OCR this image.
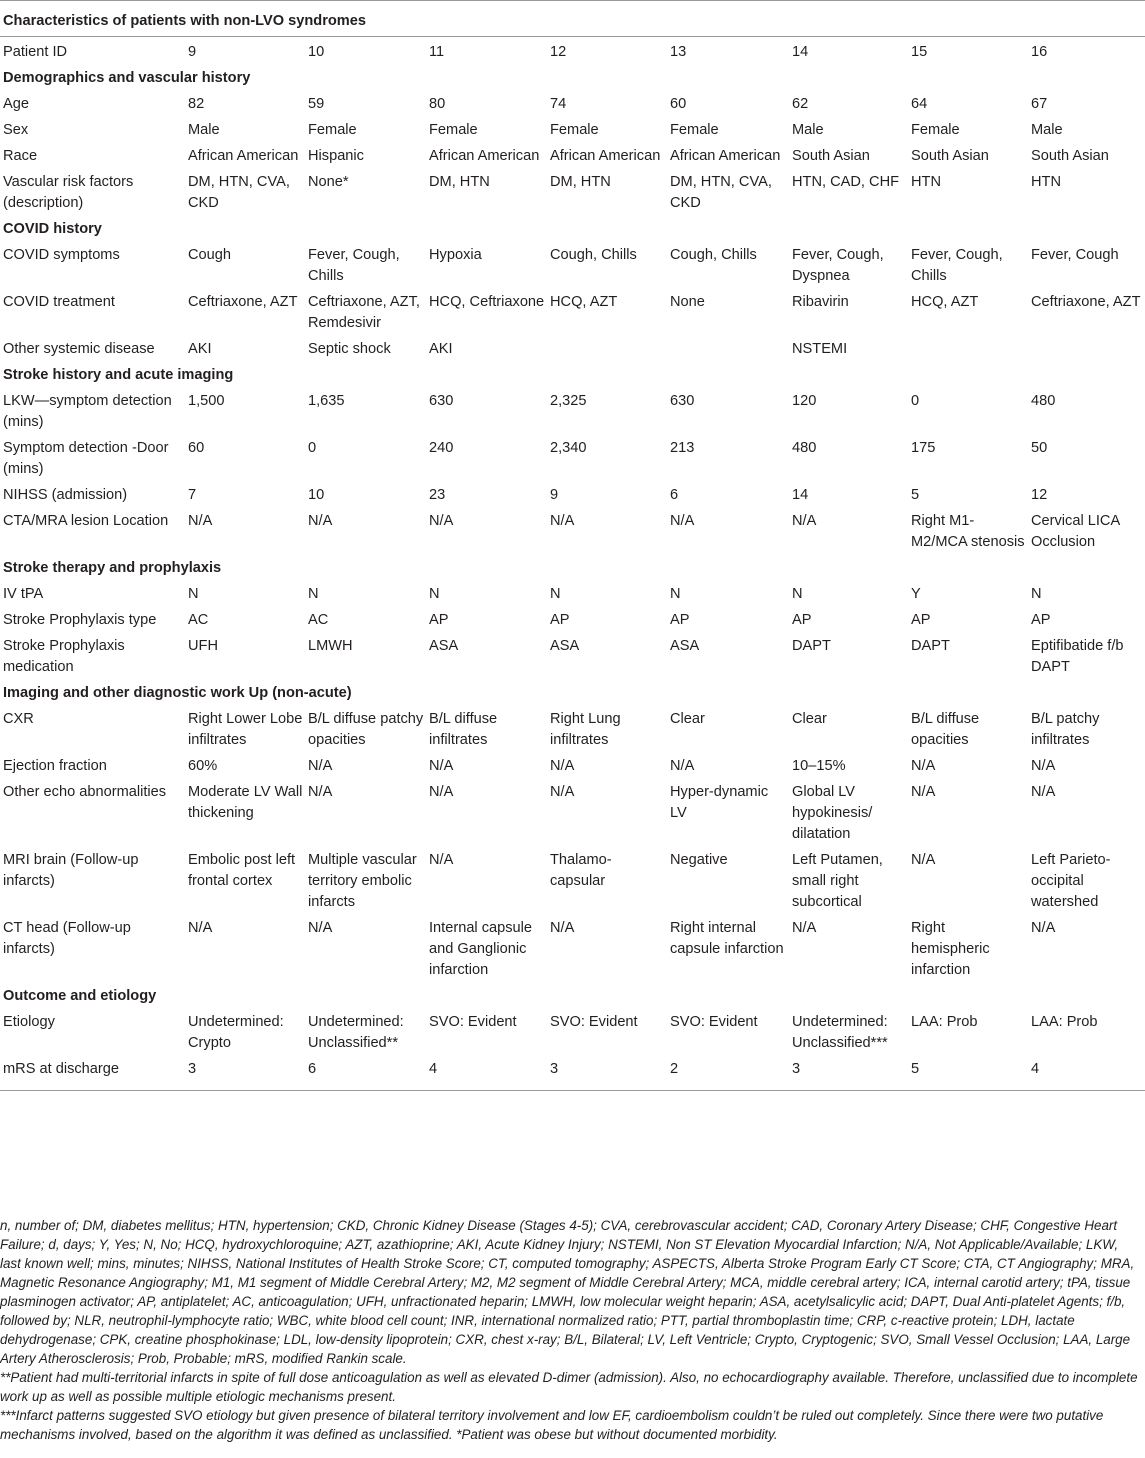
Characteristics of patients with non-LVO syndromes								
Patient ID	9	10	11	12	13	14	15	16
Demographics and vascular history								
Age	82	59	80	74	60	62	64	67
Sex	Male	Female	Female	Female	Female	Male	Female	Male
Race	African American	Hispanic	African American	African American	African American	South Asian	South Asian	South Asian
Vascular risk factors (description)	DM, HTN, CVA, CKD	None*	DM, HTN	DM, HTN	DM, HTN, CVA, CKD	HTN, CAD, CHF	HTN	HTN
COVID history								
COVID symptoms	Cough	Fever, Cough, Chills	Hypoxia	Cough, Chills	Cough, Chills	Fever, Cough, Dyspnea	Fever, Cough, Chills	Fever, Cough
COVID treatment	Ceftriaxone, AZT	Ceftriaxone, AZT, Remdesivir	HCQ, Ceftriaxone	HCQ, AZT	None	Ribavirin	HCQ, AZT	Ceftriaxone, AZT
Other systemic disease	AKI	Septic shock	AKI			NSTEMI		
Stroke history and acute imaging								
LKW—symptom detection (mins)	1,500	1,635	630	2,325	630	120	0	480
Symptom detection -Door (mins)	60	0	240	2,340	213	480	175	50
NIHSS (admission)	7	10	23	9	6	14	5	12
CTA/MRA lesion Location	N/A	N/A	N/A	N/A	N/A	N/A	Right M1-M2/MCA stenosis	Cervical LICA Occlusion
Stroke therapy and prophylaxis								
IV tPA	N	N	N	N	N	N	Y	N
Stroke Prophylaxis type	AC	AC	AP	AP	AP	AP	AP	AP
Stroke Prophylaxis medication	UFH	LMWH	ASA	ASA	ASA	DAPT	DAPT	Eptifibatide f/b DAPT
Imaging and other diagnostic work Up (non-acute)								
CXR	Right Lower Lobe infiltrates	B/L diffuse patchy opacities	B/L diffuse infiltrates	Right Lung infiltrates	Clear	Clear	B/L diffuse opacities	B/L patchy infiltrates
Ejection fraction	60%	N/A	N/A	N/A	N/A	10–15%	N/A	N/A
Other echo abnormalities	Moderate LV Wall thickening	N/A	N/A	N/A	Hyper-dynamic LV	Global LV hypokinesis/ dilatation	N/A	N/A
MRI brain (Follow-up infarcts)	Embolic post left frontal cortex	Multiple vascular territory embolic infarcts	N/A	Thalamo-capsular	Negative	Left Putamen, small right subcortical	N/A	Left Parieto-occipital watershed
CT head (Follow-up infarcts)	N/A	N/A	Internal capsule and Ganglionic infarction	N/A	Right internal capsule infarction	N/A	Right hemispheric infarction	N/A
Outcome and etiology								
Etiology	Undetermined: Crypto	Undetermined: Unclassified**	SVO: Evident	SVO: Evident	SVO: Evident	Undetermined: Unclassified***	LAA: Prob	LAA: Prob
mRS at discharge	3	6	4	3	2	3	5	4

n, number of; DM, diabetes mellitus; HTN, hypertension; CKD, Chronic Kidney Disease (Stages 4-5); CVA, cerebrovascular accident; CAD, Coronary Artery Disease; CHF, Congestive Heart Failure; d, days; Y, Yes; N, No; HCQ, hydroxychloroquine; AZT, azathioprine; AKI, Acute Kidney Injury; NSTEMI, Non ST Elevation Myocardial Infarction; N/A, Not Applicable/Available; LKW, last known well; mins, minutes; NIHSS, National Institutes of Health Stroke Score; CT, computed tomography; ASPECTS, Alberta Stroke Program Early CT Score; CTA, CT Angiography; MRA, Magnetic Resonance Angiography; M1, M1 segment of Middle Cerebral Artery; M2, M2 segment of Middle Cerebral Artery; MCA, middle cerebral artery; ICA, internal carotid artery; tPA, tissue plasminogen activator; AP, antiplatelet; AC, anticoagulation; UFH, unfractionated heparin; LMWH, low molecular weight heparin; ASA, acetylsalicylic acid; DAPT, Dual Anti-platelet Agents; f/b, followed by; NLR, neutrophil-lymphocyte ratio; WBC, white blood cell count; INR, international normalized ratio; PTT, partial thromboplastin time; CRP, c-reactive protein; LDH, lactate dehydrogenase; CPK, creatine phosphokinase; LDL, low-density lipoprotein; CXR, chest x-ray; B/L, Bilateral; LV, Left Ventricle; Crypto, Cryptogenic; SVO, Small Vessel Occlusion; LAA, Large Artery Atherosclerosis; Prob, Probable; mRS, modified Rankin scale.

**Patient had multi-territorial infarcts in spite of full dose anticoagulation as well as elevated D-dimer (admission). Also, no echocardiography available. Therefore, unclassified due to incomplete work up as well as possible multiple etiologic mechanisms present.

***Infarct patterns suggested SVO etiology but given presence of bilateral territory involvement and low EF, cardioembolism couldn’t be ruled out completely. Since there were two putative mechanisms involved, based on the algorithm it was defined as unclassified. *Patient was obese but without documented morbidity.
